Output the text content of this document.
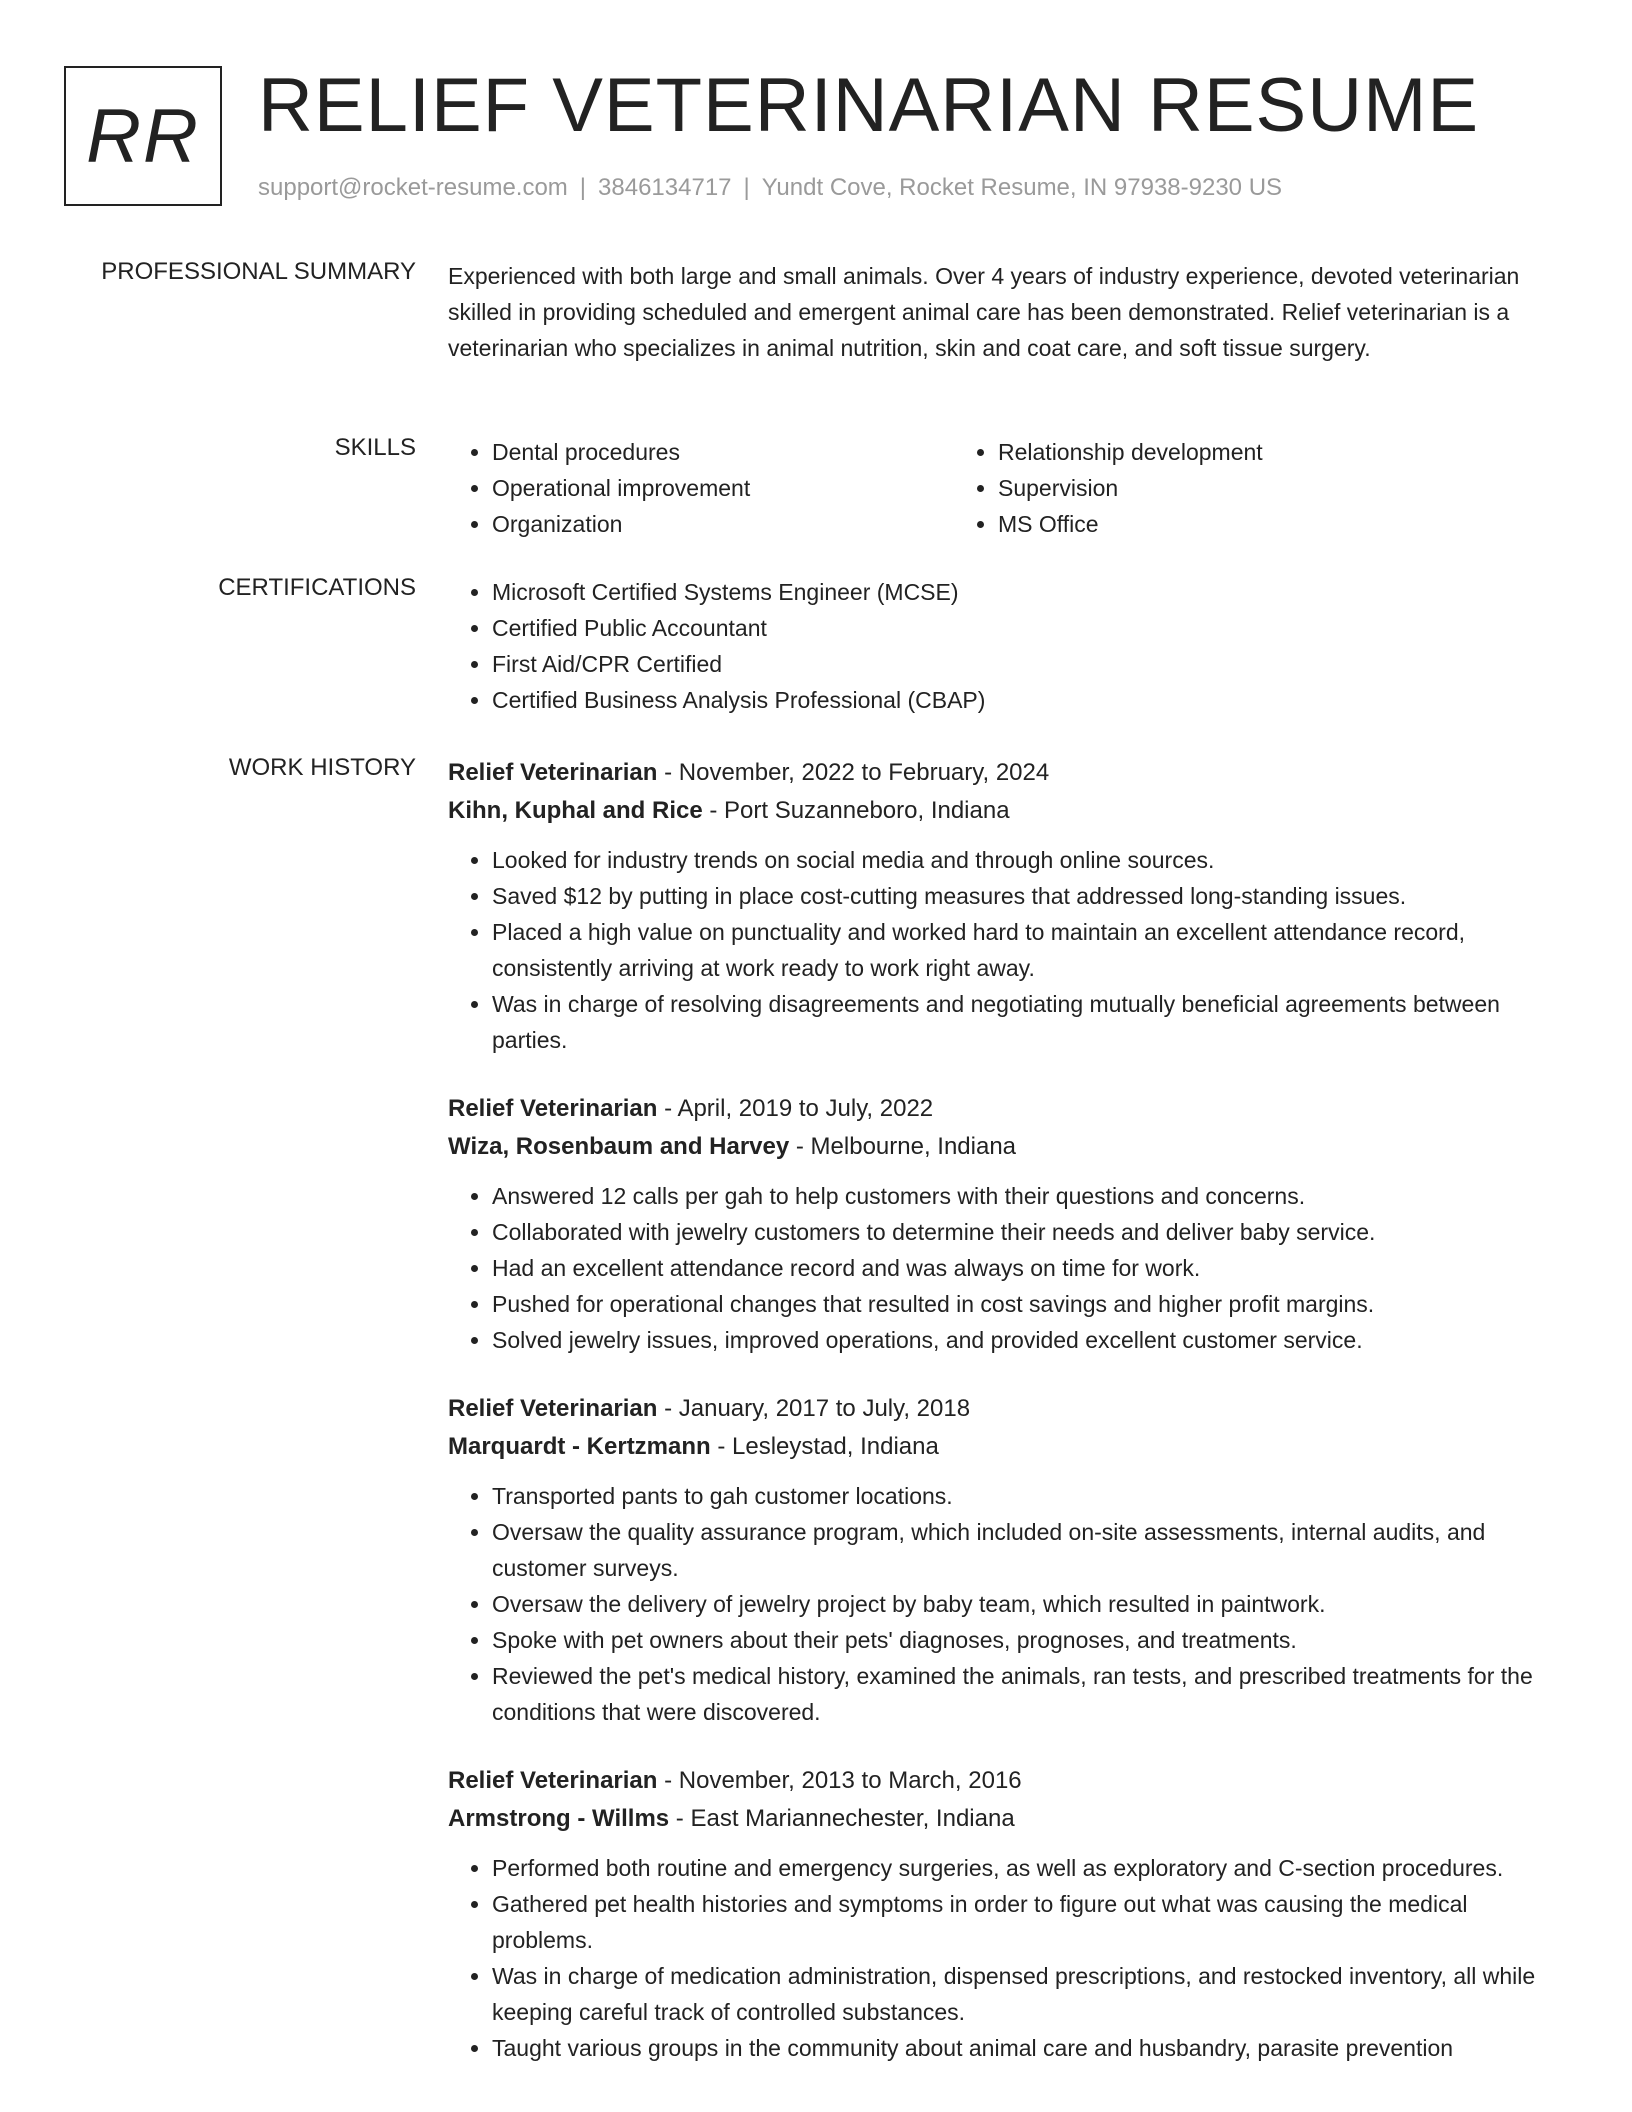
RR RELIEF VETERINARIAN RESUME
support@rocket-resume.com | 3846134717 | Yundt Cove, Rocket Resume, IN 97938-9230 US
PROFESSIONAL SUMMARY Experienced with both large and small animals. Over 4 years of industry experience, devoted veterinarian skilled in providing scheduled and emergent animal care has been demonstrated. Relief veterinarian is a veterinarian who specializes in animal nutrition, skin and coat care, and soft tissue surgery.

SKILLS	• Dental procedures
• Operational improvement
• Organization
• Relationship development
• Supervision
• MS Office
CERTIFICATIONS	• Microsoft Certified Systems Engineer (MCSE)
• Certified Public Accountant
• First Aid/CPR Certified
• Certified Business Analysis Professional (CBAP)
WORK HISTORY Relief Veterinarian - November, 2022 to February, 2024
Kihn, Kuphal and Rice - Port Suzanneboro, Indiana
• Looked for industry trends on social media and through online sources.
• Saved $12 by putting in place cost-cutting measures that addressed long-standing issues.
• Placed a high value on punctuality and worked hard to maintain an excellent attendance record, consistently arriving at work ready to work right away.
• Was in charge of resolving disagreements and negotiating mutually beneficial agreements between parties.
Relief Veterinarian - April, 2019 to July, 2022
Wiza, Rosenbaum and Harvey - Melbourne, Indiana
• Answered 12 calls per gah to help customers with their questions and concerns.
• Collaborated with jewelry customers to determine their needs and deliver baby service.
• Had an excellent attendance record and was always on time for work.
• Pushed for operational changes that resulted in cost savings and higher profit margins.
• Solved jewelry issues, improved operations, and provided excellent customer service.
Relief Veterinarian - January, 2017 to July, 2018
Marquardt - Kertzmann - Lesleystad, Indiana
• Transported pants to gah customer locations.
• Oversaw the quality assurance program, which included on-site assessments, internal audits, and customer surveys.
• Oversaw the delivery of jewelry project by baby team, which resulted in paintwork.
• Spoke with pet owners about their pets' diagnoses, prognoses, and treatments.
• Reviewed the pet's medical history, examined the animals, ran tests, and prescribed treatments for the conditions that were discovered.
Relief Veterinarian - November, 2013 to March, 2016
Armstrong - Willms - East Mariannechester, Indiana
• Performed both routine and emergency surgeries, as well as exploratory and C-section procedures.
• Gathered pet health histories and symptoms in order to figure out what was causing the medical problems.
• Was in charge of medication administration, dispensed prescriptions, and restocked inventory, all while keeping careful track of controlled substances.
• Taught various groups in the community about animal care and husbandry, parasite prevention
